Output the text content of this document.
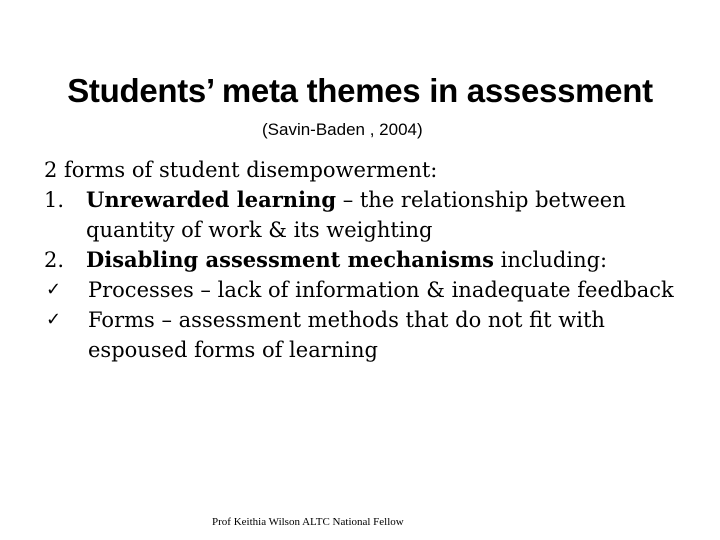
Students’ meta themes in assessment
(Savin-Baden , 2004)

2 forms of student disempowerment:

1.	Unrewarded learning – the relationship between quantity of work & its weighting
2.	Disabling assessment mechanisms including:
✓	Processes – lack of information & inadequate feedback
✓	Forms – assessment methods that do not fit with espoused forms of learning
Prof Keithia Wilson ALTC National Fellow
